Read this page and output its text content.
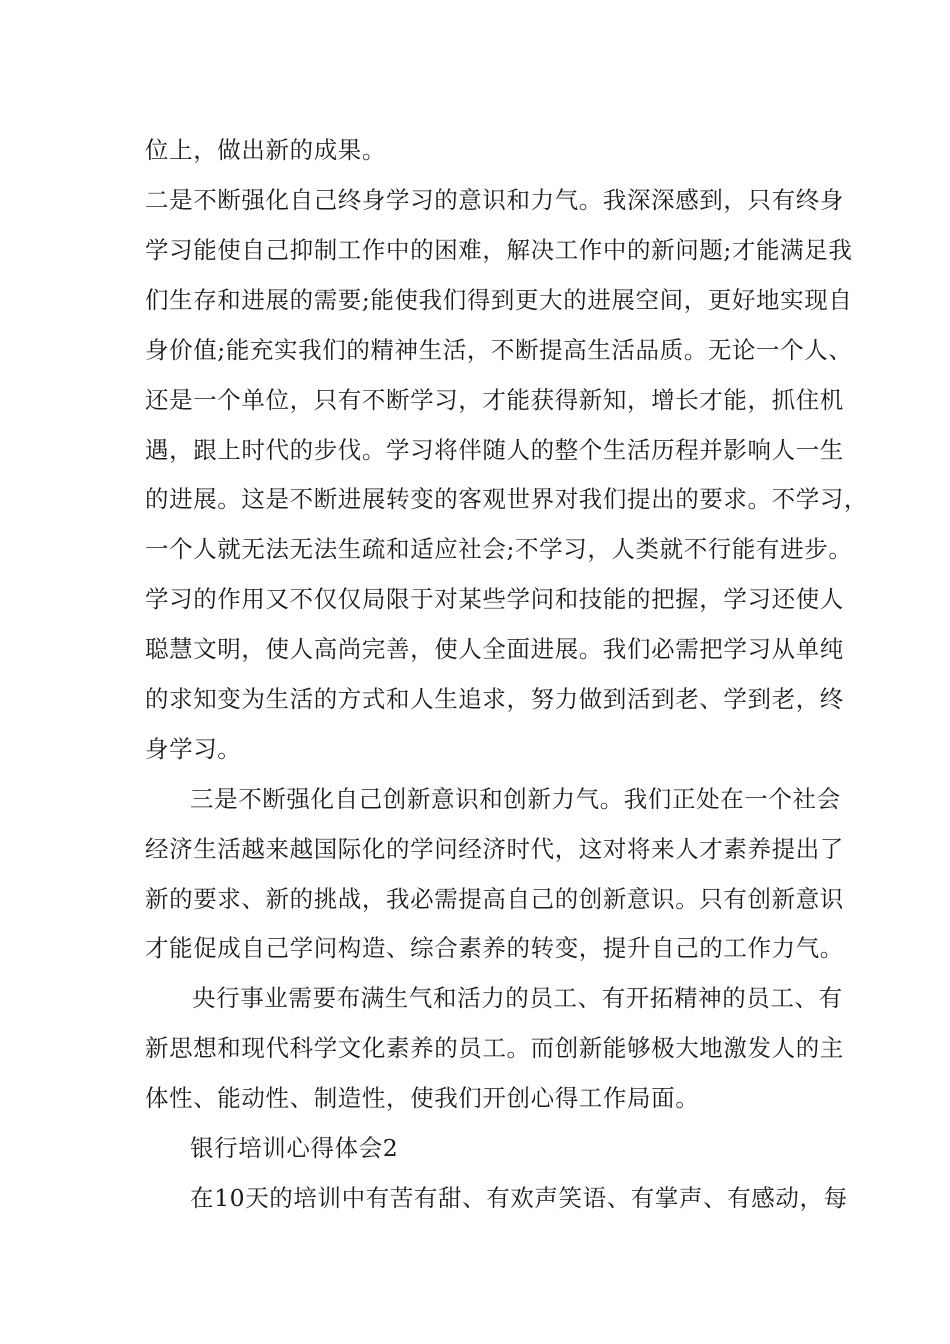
位上，做出新的成果。
二是不断强化自己终身学习的意识和力气。我深深感到，只有终身
学习能使自己抑制工作中的困难，解决工作中的新问题;才能满足我
们生存和进展的需要;能使我们得到更大的进展空间，更好地实现自
身价值;能充实我们的精神生活，不断提高生活品质。无论一个人、
还是一个单位，只有不断学习，才能获得新知，增长才能，抓住机
遇，跟上时代的步伐。学习将伴随人的整个生活历程并影响人一生
的进展。这是不断进展转变的客观世界对我们提出的要求。不学习，
一个人就无法无法生疏和适应社会;不学习，人类就不行能有进步。
学习的作用又不仅仅局限于对某些学问和技能的把握，学习还使人
聪慧文明，使人高尚完善，使人全面进展。我们必需把学习从单纯
的求知变为生活的方式和人生追求，努力做到活到老、学到老，终
身学习。
三是不断强化自己创新意识和创新力气。我们正处在一个社会
经济生活越来越国际化的学问经济时代，这对将来人才素养提出了
新的要求、新的挑战，我必需提高自己的创新意识。只有创新意识
才能促成自己学问构造、综合素养的转变，提升自己的工作力气。
央行事业需要布满生气和活力的员工、有开拓精神的员工、有
新思想和现代科学文化素养的员工。而创新能够极大地激发人的主
体性、能动性、制造性，使我们开创心得工作局面。
银行培训心得体会2
在10天的培训中有苦有甜、有欢声笑语、有掌声、有感动，每
